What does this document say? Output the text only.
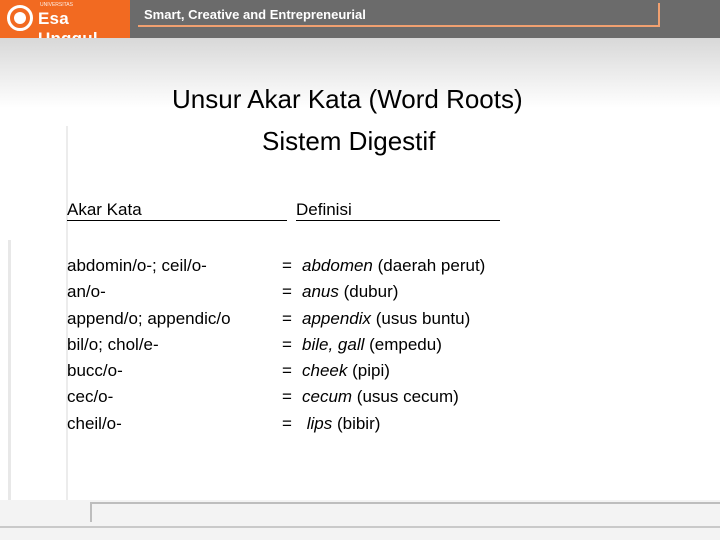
UNIVERSITAS
Esa	Smart, Creative and Entrepreneurial
Unsur Akar Kata (Word Roots)
Sistem Digestif
Akar Kata	Definisi
abdomin/o-; ceil/o-
an/o-
append/o; appendic/o
bil/o; chol/e-
bucc/o-
cec/o-
cheil/o-
= abdomen (daerah perut)
= anus (dubur)
= appendix (usus buntu)
= bile, gall (empedu)
= cheek (pipi)
= cecum (usus cecum)
= lips (bibir)
